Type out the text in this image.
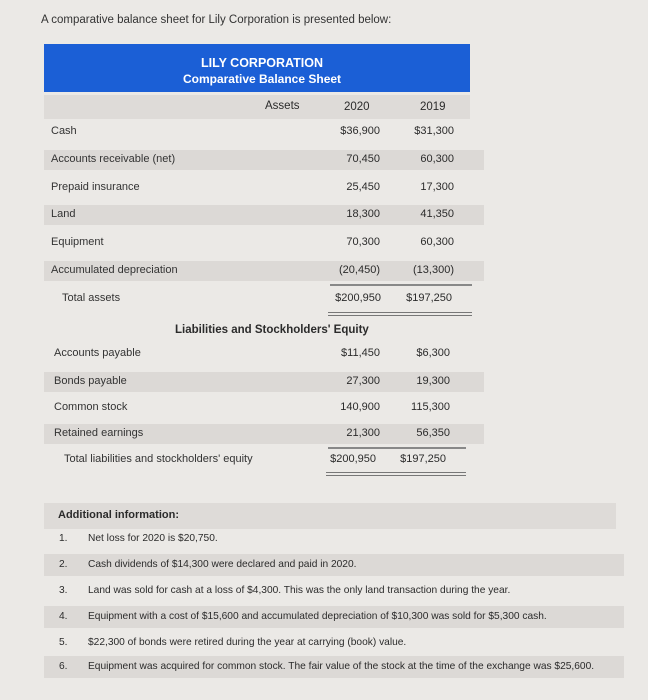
A comparative balance sheet for Lily Corporation is presented below:
LILY CORPORATION
Comparative Balance Sheet
Assets	2020	2019
Cash	$36,900	$31,300
Accounts receivable (net)	70,450	60,300
Prepaid insurance	25,450	17,300
Land	18,300	41,350
Equipment	70,300	60,300
Accumulated depreciation	(20,450)	(13,300)
Total assets	$200,950	$197,250
Liabilities and Stockholders' Equity
Accounts payable	$11,450	$6,300
Bonds payable	27,300	19,300
Common stock	140,900	115,300
Retained earnings	21,300	56,350
Total liabilities and stockholders' equity	$200,950	$197,250
Additional information:
1. Net loss for 2020 is $20,750.
2. Cash dividends of $14,300 were declared and paid in 2020.
3. Land was sold for cash at a loss of $4,300. This was the only land transaction during the year.
4. Equipment with a cost of $15,600 and accumulated depreciation of $10,300 was sold for $5,300 cash.
5. $22,300 of bonds were retired during the year at carrying (book) value.
6. Equipment was acquired for common stock. The fair value of the stock at the time of the exchange was $25,600.
